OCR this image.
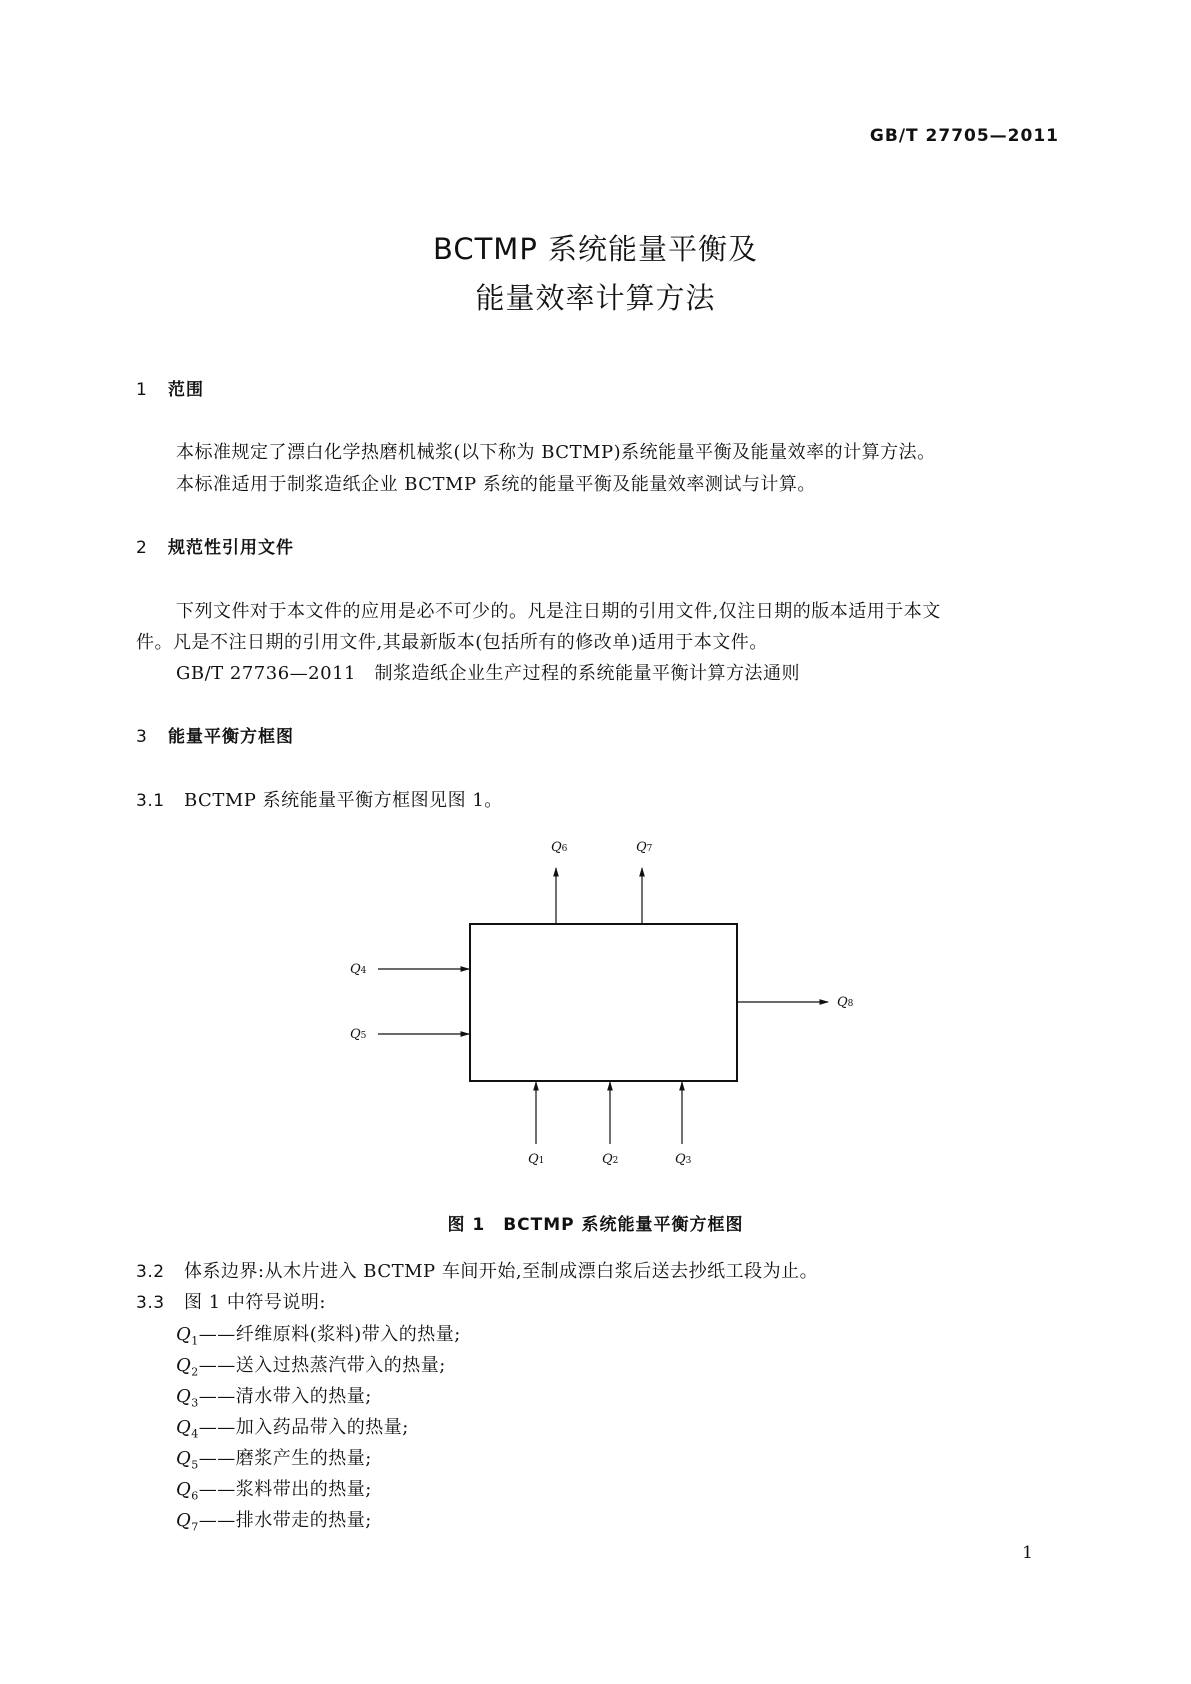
GB/T 27705—2011
BCTMP 系统能量平衡及
能量效率计算方法
1 范围
本标准规定了漂白化学热磨机械浆(以下称为 BCTMP)系统能量平衡及能量效率的计算方法。
本标准适用于制浆造纸企业 BCTMP 系统的能量平衡及能量效率测试与计算。
2 规范性引用文件
下列文件对于本文件的应用是必不可少的。凡是注日期的引用文件,仅注日期的版本适用于本文
件。凡是不注日期的引用文件,其最新版本(包括所有的修改单)适用于本文件。
GB/T 27736—2011　制浆造纸企业生产过程的系统能量平衡计算方法通则
3 能量平衡方框图
3.1 BCTMP 系统能量平衡方框图见图 1。
Q6	Q7
Q4
Q5
Q8
Q1	Q2	Q3
图 1 BCTMP 系统能量平衡方框图
3.2 体系边界:从木片进入 BCTMP 车间开始,至制成漂白浆后送去抄纸工段为止。
3.3 图 1 中符号说明:
$Q_1——$纤维原料(浆料)带入的热量;
$Q_2——$送入过热蒸汽带入的热量;
$Q_3——$清水带入的热量;
$Q_4——$加入药品带入的热量;
$Q_5——$磨浆产生的热量;
$Q_6——$浆料带出的热量;
$Q_7——$排水带走的热量;
1
